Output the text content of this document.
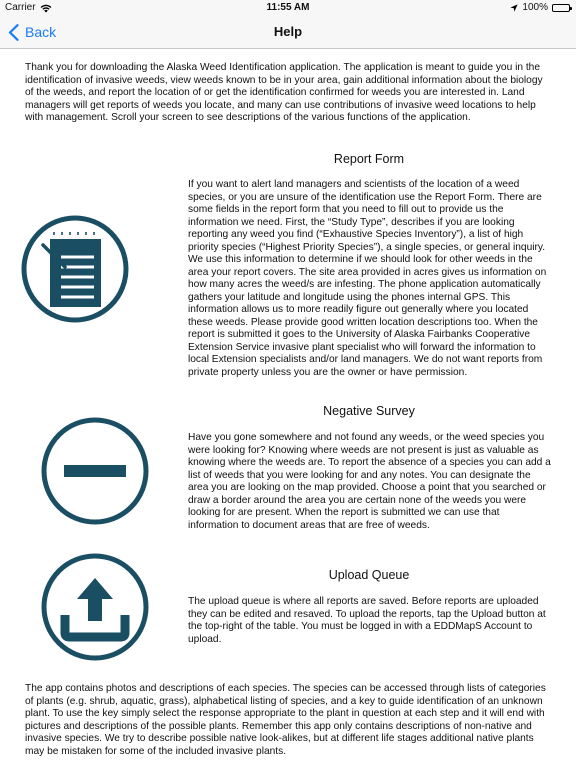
Carrier	11:55 AM	100%
Back	Help

Thank you for downloading the Alaska Weed Identification application. The application is meant to guide you in the identification of invasive weeds, view weeds known to be in your area, gain additional information about the biology of the weeds, and report the location of or get the identification confirmed for weeds you are interested in. Land managers will get reports of weeds you locate, and many can use contributions of invasive weed locations to help with management. Scroll your screen to see descriptions of the various functions of the application.

Report Form

If you want to alert land managers and scientists of the location of a weed species, or you are unsure of the identification use the Report Form. There are some fields in the report form that you need to fill out to provide us the information we need. First, the “Study Type”, describes if you are looking reporting any weed you find (“Exhaustive Species Inventory”), a list of high priority species (“Highest Priority Species”), a single species, or general inquiry. We use this information to determine if we should look for other weeds in the area your report covers. The site area provided in acres gives us information on how many acres the weed/s are infesting. The phone application automatically gathers your latitude and longitude using the phones internal GPS. This information allows us to more readily figure out generally where you located these weeds. Please provide good written location descriptions too. When the report is submitted it goes to the University of Alaska Fairbanks Cooperative Extension Service invasive plant specialist who will forward the information to local Extension specialists and/or land managers. We do not want reports from private property unless you are the owner or have permission.

Negative Survey

Have you gone somewhere and not found any weeds, or the weed species you were looking for? Knowing where weeds are not present is just as valuable as knowing where the weeds are. To report the absence of a species you can add a list of weeds that you were looking for and any notes. You can designate the area you are looking on the map provided. Choose a point that you searched or draw a border around the area you are certain none of the weeds you were looking for are present. When the report is submitted we can use that information to document areas that are free of weeds.

Upload Queue

The upload queue is where all reports are saved. Before reports are uploaded they can be edited and resaved. To upload the reports, tap the Upload button at the top-right of the table. You must be logged in with a EDDMapS Account to upload.

The app contains photos and descriptions of each species. The species can be accessed through lists of categories of plants (e.g. shrub, aquatic, grass), alphabetical listing of species, and a key to guide identification of an unknown plant. To use the key simply select the response appropriate to the plant in question at each step and it will end with pictures and descriptions of the possible plants. Remember this app only contains descriptions of non-native and invasive species. We try to describe possible native look-alikes, but at different life stages additional native plants may be mistaken for some of the included invasive plants.
